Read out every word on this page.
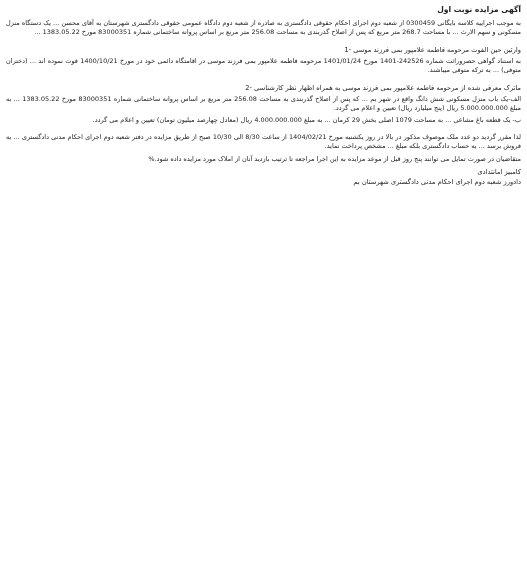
آگهی مزایده نوبت اول
به موجب اجراییه کلاسه بایگانی 0300459 از شعبه دوم اجرای احکام حقوقی دادگستری به صادره از شعبه دوم دادگاه عمومی حقوقی دادگستری شهرستان به آقای محسن ... یک دستگاه منزل مسکونی و سهم الارث ... با مساحت 268.7 متر مربع که پس از اصلاح گذربندی به مساحت 256.08 متر مربع بر اساس پروانه ساختمانی شماره 83000351 مورخ 1383.05.22 ...
وارثین حین الفوت مرحومه فاطمه علامپور بمی فرزند موسی -1
به استناد گواهی حصروراثت شماره 242526-1401 مورخ 1401/01/24 مرحومه فاطمه علامپور بمی فرزند موسی در اقامتگاه دائمی خود در مورخ 1400/10/21 فوت نموده اند ... (دختران متوفی) ... به ترکه متوفی میباشند.
ماترک معرفی شده از مرحومه فاطمه علامپور بمی فرزند موسی به همراه اظهار نظر کارشناسی -2
الف-یک باب منزل مسکونی شش دانگ واقع در شهر بم ... که پس از اصلاح گذربندی به مساحت 256.08 متر مربع بر اساس پروانه ساختمانی شماره 83000351 مورخ 1383.05.22 ... به مبلغ 5.000.000.000 ریال (پنج میلیارد ریال) تعیین و اعلام می گردد.
ب- یک قطعه باغ مشاعی ... به مساحت 1079 اصلی بخش 29 کرمان ... به مبلغ 4.000.000.000 ریال (معادل چهارصد میلیون تومان) تعیین و اعلام می گردد.
لذا مقرر گردید دو عدد ملک موصوف مذکور در بالا در روز یکشنبه مورخ 1404/02/21 از ساعت 8/30 الی 10/30 صبح از طریق مزایده در دفتر شعبه دوم اجرای احکام مدنی دادگستری ... به فروش برسد ... به حساب دادگستری بلکه مبلغ ... مشخص پرداخت نماید.
متقاضیان در صورت تمایل می توانند پنج روز قبل از موعد مزایده به این اجرا مراجعه تا ترتیب بازدید آنان از املاک مورد مزایده داده شود.%
کامبیز امانتدادی
دادورز شعبه دوم اجرای احکام مدنی دادگستری شهرستان بم
